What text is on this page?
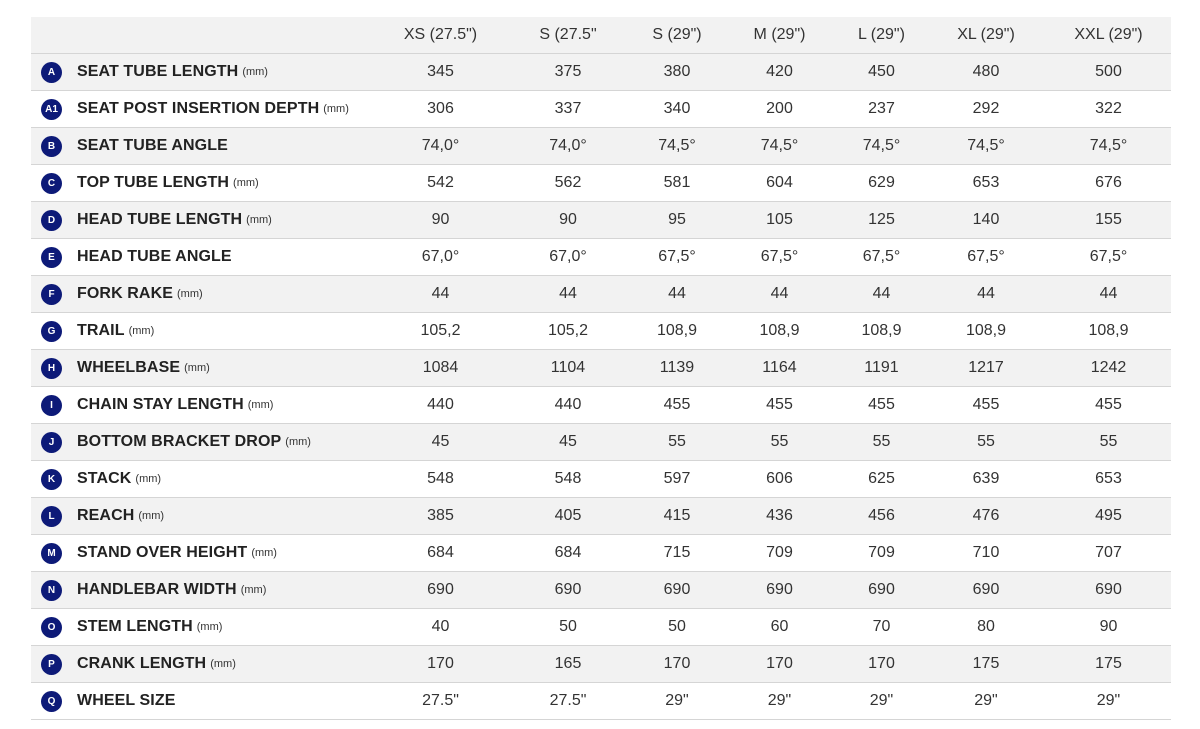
	XS (27.5")	S (27.5"	S (29")	M (29")	L (29")	XL (29")	XXL (29")

A SEAT TUBE LENGTH (mm)	345	375	380	420	450	480	500

A1 SEAT POST INSERTION DEPTH (mm)	306	337	340	200	237	292	322

B SEAT TUBE ANGLE	74,0°	74,0°	74,5°	74,5°	74,5°	74,5°	74,5°

C TOP TUBE LENGTH (mm)	542	562	581	604	629	653	676

D HEAD TUBE LENGTH (mm)	90	90	95	105	125	140	155

E HEAD TUBE ANGLE	67,0°	67,0°	67,5°	67,5°	67,5°	67,5°	67,5°

F FORK RAKE (mm)	44	44	44	44	44	44	44

G TRAIL (mm)	105,2	105,2	108,9	108,9	108,9	108,9	108,9

H WHEELBASE (mm)	1084	1104	1139	1164	1191	1217	1242

I CHAIN STAY LENGTH (mm)	440	440	455	455	455	455	455

J BOTTOM BRACKET DROP (mm)	45	45	55	55	55	55	55

K STACK (mm)	548	548	597	606	625	639	653

L REACH (mm)	385	405	415	436	456	476	495

M STAND OVER HEIGHT (mm)	684	684	715	709	709	710	707

N HANDLEBAR WIDTH (mm)	690	690	690	690	690	690	690

O STEM LENGTH (mm)	40	50	50	60	70	80	90

P CRANK LENGTH (mm)	170	165	170	170	170	175	175

Q WHEEL SIZE	27.5"	27.5"	29"	29"	29"	29"	29"
